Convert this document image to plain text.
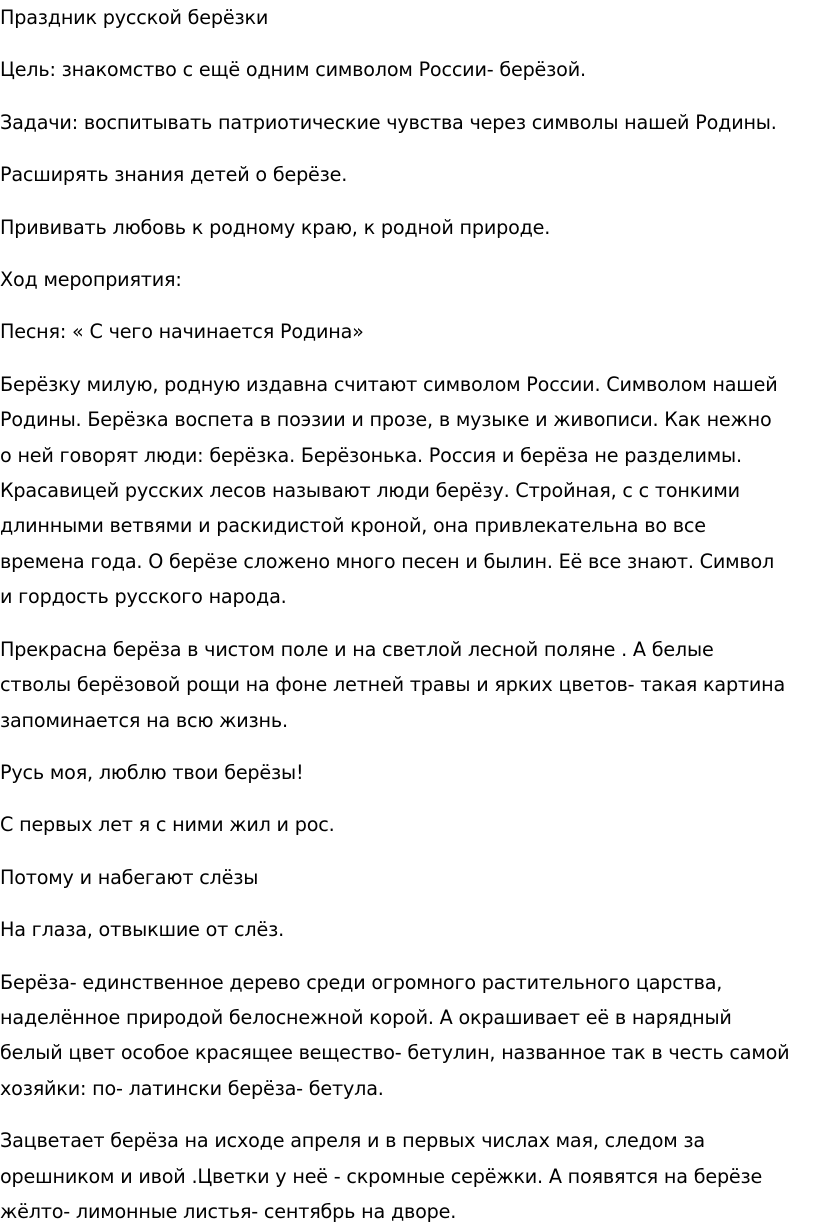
Праздник русской берёзки

Цель: знакомство с ещё одним символом России- берёзой.

Задачи: воспитывать патриотические чувства через символы нашей Родины.

Расширять знания детей о берёзе.

Прививать любовь к родному краю, к родной природе.

Ход мероприятия:

Песня: « С чего начинается Родина»

Берёзку милую, родную издавна считают символом России. Символом нашей
Родины. Берёзка воспета в поэзии и прозе, в музыке и живописи. Как нежно
о ней говорят люди: берёзка. Берёзонька. Россия и берёза не разделимы.
Красавицей русских лесов называют люди берёзу. Стройная, с с тонкими
длинными ветвями и раскидистой кроной, она привлекательна во все
времена года. О берёзе сложено много песен и былин. Её все знают. Символ
и гордость русского народа.
Прекрасна берёза в чистом поле и на светлой лесной поляне . А белые
стволы берёзовой рощи на фоне летней травы и ярких цветов- такая картина
запоминается на всю жизнь.

Русь моя, люблю твои берёзы!

С первых лет я с ними жил и рос.

Потому и набегают слёзы

На глаза, отвыкшие от слёз.

Берёза- единственное дерево среди огромного растительного царства,
наделённое природой белоснежной корой. А окрашивает её в нарядный
белый цвет особое красящее вещество- бетулин, названное так в честь самой
хозяйки: по- латински берёза- бетула.
Зацветает берёза на исходе апреля и в первых числах мая, следом за
орешником и ивой .Цветки у неё - скромные серёжки. А появятся на берёзе
жёлто- лимонные листья- сентябрь на дворе.
